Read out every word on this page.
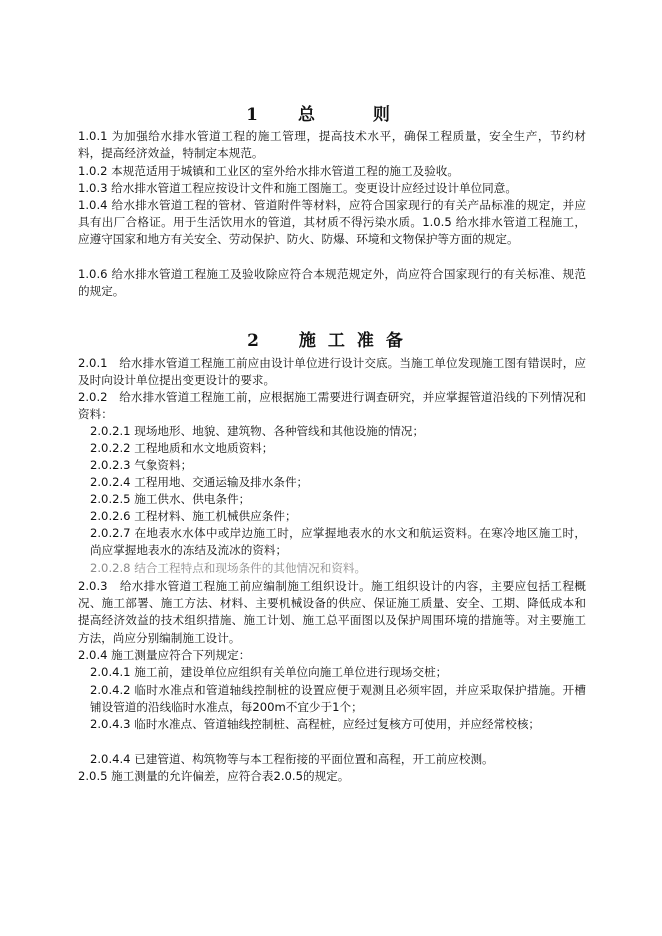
1 总 则

1.0.1 为加强给水排水管道工程的施工管理，提高技术水平，确保工程质量，安全生产，节约材料，提高经济效益，特制定本规范。

1.0.2 本规范适用于城镇和工业区的室外给水排水管道工程的施工及验收。

1.0.3 给水排水管道工程应按设计文件和施工图施工。变更设计应经过设计单位同意。

1.0.4 给水排水管道工程的管材、管道附件等材料，应符合国家现行的有关产品标准的规定，并应具有出厂合格证。用于生活饮用水的管道，其材质不得污染水质。1.0.5 给水排水管道工程施工，应遵守国家和地方有关安全、劳动保护、防火、防爆、环境和文物保护等方面的规定。

1.0.6 给水排水管道工程施工及验收除应符合本规范规定外，尚应符合国家现行的有关标准、规范的规定。

2 施工准备

2.0.1　给水排水管道工程施工前应由设计单位进行设计交底。当施工单位发现施工图有错误时，应及时向设计单位提出变更设计的要求。

2.0.2　给水排水管道工程施工前，应根据施工需要进行调查研究，并应掌握管道沿线的下列情况和资料：

2.0.2.1 现场地形、地貌、建筑物、各种管线和其他设施的情况；

2.0.2.2 工程地质和水文地质资料；

2.0.2.3 气象资料；

2.0.2.4 工程用地、交通运输及排水条件；

2.0.2.5 施工供水、供电条件；

2.0.2.6 工程材料、施工机械供应条件；

2.0.2.7 在地表水水体中或岸边施工时，应掌握地表水的水文和航运资料。在寒冷地区施工时，尚应掌握地表水的冻结及流冰的资料；

2.0.2.8 结合工程特点和现场条件的其他情况和资料。

2.0.3　给水排水管道工程施工前应编制施工组织设计。施工组织设计的内容，主要应包括工程概况、施工部署、施工方法、材料、主要机械设备的供应、保证施工质量、安全、工期、降低成本和提高经济效益的技术组织措施、施工计划、施工总平面图以及保护周围环境的措施等。对主要施工方法，尚应分别编制施工设计。

2.0.4 施工测量应符合下列规定：

2.0.4.1 施工前，建设单位应组织有关单位向施工单位进行现场交桩；

2.0.4.2 临时水准点和管道轴线控制桩的设置应便于观测且必须牢固，并应采取保护措施。开槽铺设管道的沿线临时水准点，每200m不宜少于1个；

2.0.4.3 临时水准点、管道轴线控制桩、高程桩，应经过复核方可使用，并应经常校核；

2.0.4.4 已建管道、构筑物等与本工程衔接的平面位置和高程，开工前应校测。

2.0.5 施工测量的允许偏差，应符合表2.0.5的规定。
